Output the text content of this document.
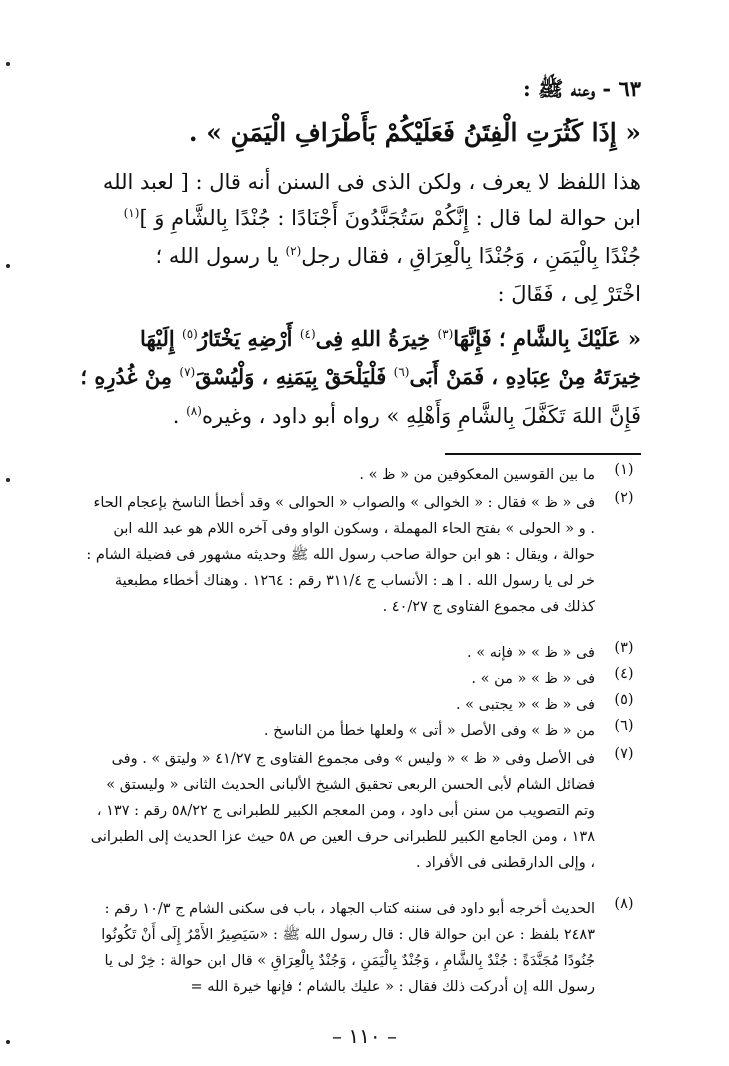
٦٣ - وعنه ﷺ :
« إِذَا كَثُرَتِ الْفِتَنُ فَعَلَيْكُمْ بَأَطْرَافِ الْيَمَنِ » .
هذا اللفظ لا يعرف ، ولكن الذى فى السنن أنه قال : [ لعبد الله
ابن حوالة لما قال : إِنَّكُمْ سَتُجَنَّدُونَ أَجْنَادًا : جُنْدًا بِالشَّامِ وَ ]$^{(١)}$
جُنْدًا بِالْيَمَنِ ، وَجُنْدًا بِالْعِرَاقِ ، فقال رجل$^{(٢)}$ يا رسول الله ؛
اخْتَرْ لِى ، فَقَالَ :
« عَلَيْكَ بِالشَّامِ ؛ فَإِنَّهَا$^{(٣)}$ خِيرَةُ اللهِ فِى$^{(٤)}$ أَرْضِهِ يَخْتَارُ$^{(٥)}$ إِلَيْهَا
خِيرَتَهُ مِنْ عِبَادِهِ ، فَمَنْ أَبَى$^{(٦)}$ فَلْيَلْحَقْ بِيَمَنِهِ ، وَلْيُسْقَ$^{(٧)}$ مِنْ غُدُرِهِ ؛
فَإِنَّ اللهَ تَكَفَّلَ بِالشَّامِ وَأَهْلِهِ » رواه أبو داود ، وغيره$^{(٨)}$ .
(١)
ما بين القوسين المعكوفين من « ظ » .
(٢)
فى « ظ » فقال : « الخوالى » والصواب « الحوالى » وقد أخطأ الناسخ بإعجام الحاء . و « الحولى » بفتح الحاء المهملة ، وسكون الواو وفى آخره اللام هو عبد الله ابن حوالة ، ويقال : هو ابن حوالة صاحب رسول الله ﷺ وحديثه مشهور فى فضيلة الشام : خر لى يا رسول الله . ا هـ : الأنساب ج ٣١١/٤ رقم : ١٢٦٤ . وهناك أخطاء مطبعية كذلك فى مجموع الفتاوى ج ٤٠/٢٧ .
(٣)
فى « ظ » « فإنه » .
(٤)
فى « ظ » « من » .
(٥)
فى « ظ » « يجتبى » .
(٦)
من « ظ » وفى الأصل « أتى » ولعلها خطأ من الناسخ .
(٧)
فى الأصل وفى « ظ » « وليس » وفى مجموع الفتاوى ج ٤١/٢٧ « وليتق » . وفى فضائل الشام لأبى الحسن الربعى تحقيق الشيخ الألبانى الحديث الثانى « وليستق » وتم التصويب من سنن أبى داود ، ومن المعجم الكبير للطبرانى ج ٥٨/٢٢ رقم : ١٣٧ ، ١٣٨ ، ومن الجامع الكبير للطبرانى حرف العين ص ٥٨ حيث عزا الحديث إلى الطبرانى ، وإلى الدارقطنى فى الأفراد .
(٨)
الحديث أخرجه أبو داود فى سننه كتاب الجهاد ، باب فى سكنى الشام ج ١٠/٣ رقم : ٢٤٨٣ بلفظ : عن ابن حوالة قال : قال رسول الله ﷺ : «سَيَصِيرُ الأَمْرُ إِلَى أَنْ تَكُونُوا جُنُودًا مُجَنَّدَةً : جُنْدٌ بِالشَّامِ ، وَجُنْدٌ بِالْيَمَنِ ، وَجُنْدٌ بِالْعِرَاقِ » قال ابن حوالة : خِرْ لى يا رسول الله إن أدركت ذلك فقال : « عليك بالشام ؛ فإنها خيرة الله =
– ١١٠ –
